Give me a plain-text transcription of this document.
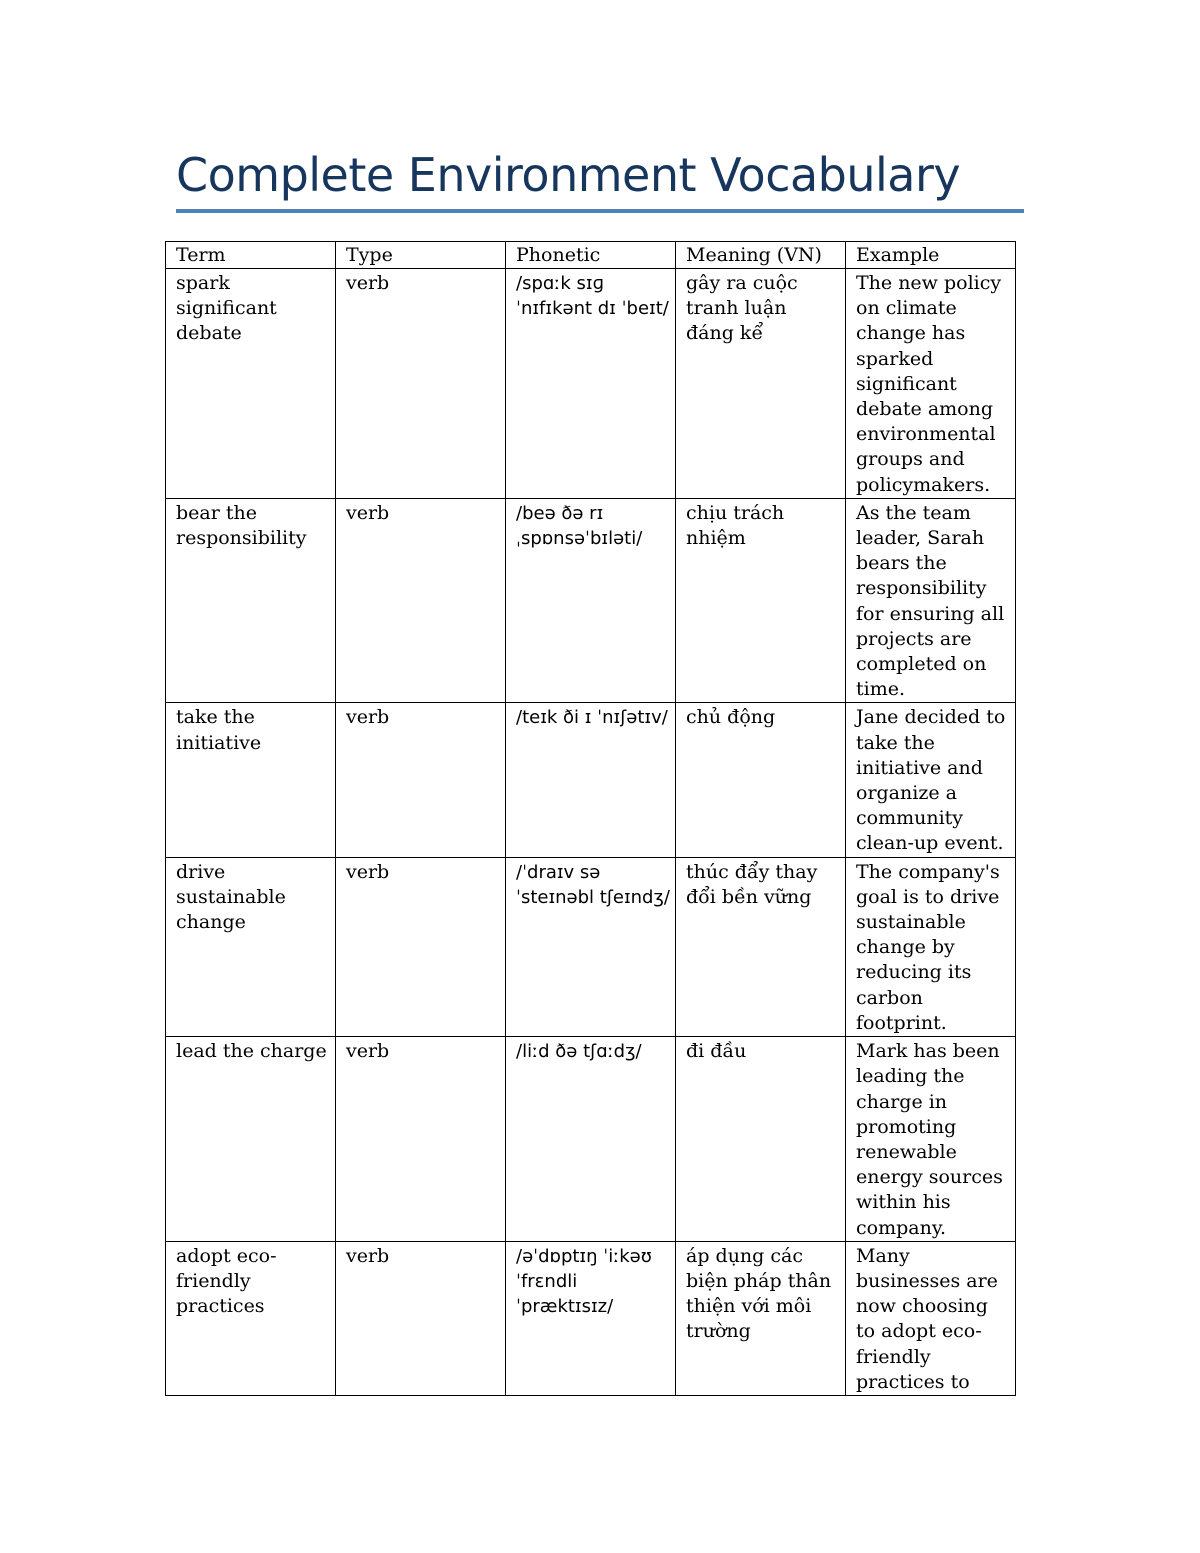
Complete Environment Vocabulary
Term	Type	Phonetic	Meaning (VN)	Example
spark significant debate	verb	/spɑːk sɪɡ ˈnɪfɪkənt dɪ ˈbeɪt/	gây ra cuộc tranh luận đáng kể	The new policy on climate change has sparked significant debate among environmental groups and policymakers.
bear the responsibility	verb	/beə ðə rɪ ˌspɒnsəˈbɪləti/	chịu trách nhiệm	As the team leader, Sarah bears the responsibility for ensuring all projects are completed on time.
take the initiative	verb	/teɪk ði ɪ ˈnɪʃətɪv/	chủ động	Jane decided to take the initiative and organize a community clean-up event.
drive sustainable change	verb	/ˈdraɪv sə ˈsteɪnəbl tʃeɪndʒ/	thúc đẩy thay đổi bền vững	The company's goal is to drive sustainable change by reducing its carbon footprint.
lead the charge	verb	/liːd ðə tʃɑːdʒ/	đi đầu	Mark has been leading the charge in promoting renewable energy sources within his company.
adopt eco-friendly practices	verb	/əˈdɒptɪŋ ˈiːkəʊ ˈfrɛndli ˈpræktɪsɪz/	áp dụng các biện pháp thân thiện với môi trường	Many businesses are now choosing to adopt eco-friendly practices to
